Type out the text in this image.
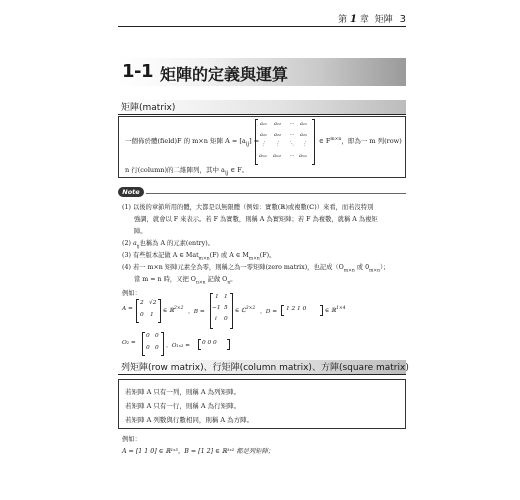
第 1 章 矩陣 3
1-1 矩陣的定義與運算
矩陣(matrix)
一個佈於體(field)F 的 m×n 矩陣 $A = [a_{ij}]$ =
a₁₁ a₁₂ ⋯ a₁ₙ
a₂₁ a₂₂ ⋯ a₂ₙ
⋮ ⋮ ⋱ ⋮
aₘ₁ aₘ₂ ⋯ aₘₙ
∈ $F^{m\times n}$，即為一 m 列(row)
n 行(column)的二維陣列，其中 $a_{ij}$ ∈ F。
Note
(1) 以後的章節所用的體，大都是以無限體（例如：實數(ℝ)或複數(ℂ)）來看，而若沒特別
強調，就會以 F 來表示。若 F 為實數，則稱 A 為實矩陣；若 F 為複數，就稱 A 為複矩
陣。
(2) $a_{ij}$也稱為 A 的元素(entry)。
(3) 有些版本記做 A ∈ Mat$_{m\times n}$(F) 或 A ∈ $M_{m\times n}(F)$。
(4) 若一 m×n 矩陣元素全為零，則稱之為一零矩陣(zero matrix)，也記成（$O_{m\times n}$ 或 $0_{m\times n}$）；
當 m = n 時，又把 $O_{n\times n}$ 記做 $O_n$。
例如：
A =
2 √2
0 1
∈ ℝ$^{2\times 2}$
，B =
1 1
−1 5
i 0
∈ ℂ$^{3\times 2}$
，D = 1 2 1 0	∈ ℝ$^{1\times 4}$
O₂ =
0 0
0 0 ，O₁ₓ₃ = 0 0 0
列矩陣(row matrix)、行矩陣(column matrix)、方陣(square matrix)
若矩陣 A 只有一列，則稱 A 為列矩陣。
若矩陣 A 只有一行，則稱 A 為行矩陣。
若矩陣 A 列數與行數相同，則稱 A 為方陣。
例如：
A = [1 1 0] ∈ ℝ¹ˣ³，B = [1 2] ∈ ℝ¹ˣ² 都是列矩陣；
